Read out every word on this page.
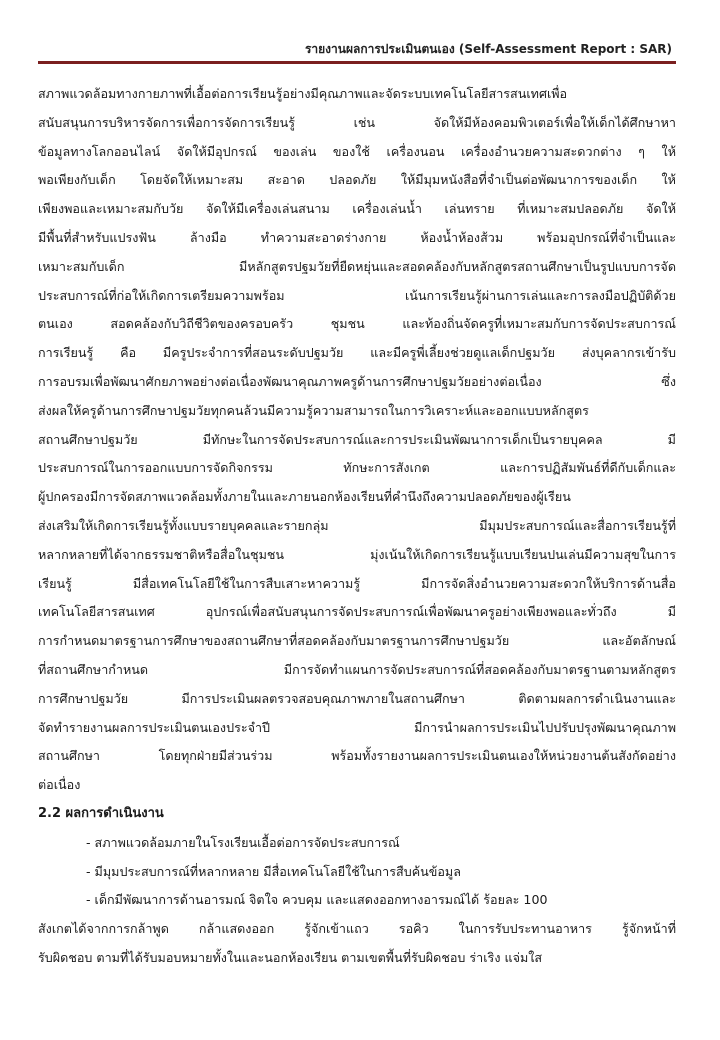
รายงานผลการประเมินตนเอง (Self-Assessment Report : SAR)
สภาพแวดล้อมทางกายภาพที่เอื้อต่อการเรียนรู้อย่างมีคุณภาพและจัดระบบเทคโนโลยีสารสนเทศเพื่อ
สนับสนุนการบริหารจัดการเพื่อการจัดการเรียนรู้ เช่น จัดให้มีห้องคอมพิวเตอร์เพื่อให้เด็กได้ศึกษาหา
ข้อมูลทางโลกออนไลน์ จัดให้มีอุปกรณ์ ของเล่น ของใช้ เครื่องนอน เครื่องอำนวยความสะดวกต่าง ๆ ให้
พอเพียงกับเด็ก โดยจัดให้เหมาะสม สะอาด ปลอดภัย ให้มีมุมหนังสือที่จำเป็นต่อพัฒนาการของเด็ก ให้
เพียงพอและเหมาะสมกับวัย จัดให้มีเครื่องเล่นสนาม เครื่องเล่นน้ำ เล่นทราย ที่เหมาะสมปลอดภัย จัดให้
มีพื้นที่สำหรับแปรงฟัน ล้างมือ ทำความสะอาดร่างกาย ห้องน้ำห้องส้วม พร้อมอุปกรณ์ที่จำเป็นและ
เหมาะสมกับเด็ก มีหลักสูตรปฐมวัยที่ยืดหยุ่นและสอดคล้องกับหลักสูตรสถานศึกษาเป็นรูปแบบการจัด
ประสบการณ์ที่ก่อให้เกิดการเตรียมความพร้อม เน้นการเรียนรู้ผ่านการเล่นและการลงมือปฏิบัติด้วย
ตนเอง สอดคล้องกับวิถีชีวิตของครอบครัว ชุมชน และท้องถิ่นจัดครูที่เหมาะสมกับการจัดประสบการณ์
การเรียนรู้ คือ มีครูประจำการที่สอนระดับปฐมวัย และมีครูพี่เลี้ยงช่วยดูแลเด็กปฐมวัย ส่งบุคลากรเข้ารับ
การอบรมเพื่อพัฒนาศักยภาพอย่างต่อเนื่องพัฒนาคุณภาพครูด้านการศึกษาปฐมวัยอย่างต่อเนื่อง ซึ่ง
ส่งผลให้ครูด้านการศึกษาปฐมวัยทุกคนล้วนมีความรู้ความสามารถในการวิเคราะห์และออกแบบหลักสูตร
สถานศึกษาปฐมวัย มีทักษะในการจัดประสบการณ์และการประเมินพัฒนาการเด็กเป็นรายบุคคล มี
ประสบการณ์ในการออกแบบการจัดกิจกรรม ทักษะการสังเกต และการปฏิสัมพันธ์ที่ดีกับเด็กและ
ผู้ปกครองมีการจัดสภาพแวดล้อมทั้งภายในและภายนอกห้องเรียนที่คำนึงถึงความปลอดภัยของผู้เรียน
ส่งเสริมให้เกิดการเรียนรู้ทั้งแบบรายบุคคลและรายกลุ่ม มีมุมประสบการณ์และสื่อการเรียนรู้ที่
หลากหลายที่ได้จากธรรมชาติหรือสื่อในชุมชน มุ่งเน้นให้เกิดการเรียนรู้แบบเรียนปนเล่นมีความสุขในการ
เรียนรู้ มีสื่อเทคโนโลยีใช้ในการสืบเสาะหาความรู้ มีการจัดสิ่งอำนวยความสะดวกให้บริการด้านสื่อ
เทคโนโลยีสารสนเทศ อุปกรณ์เพื่อสนับสนุนการจัดประสบการณ์เพื่อพัฒนาครูอย่างเพียงพอและทั่วถึง มี
การกำหนดมาตรฐานการศึกษาของสถานศึกษาที่สอดคล้องกับมาตรฐานการศึกษาปฐมวัย และอัตลักษณ์
ที่สถานศึกษากำหนด มีการจัดทำแผนการจัดประสบการณ์ที่สอดคล้องกับมาตรฐานตามหลักสูตร
การศึกษาปฐมวัย มีการประเมินผลตรวจสอบคุณภาพภายในสถานศึกษา ติดตามผลการดำเนินงานและ
จัดทำรายงานผลการประเมินตนเองประจำปี มีการนำผลการประเมินไปปรับปรุงพัฒนาคุณภาพ
สถานศึกษา โดยทุกฝ่ายมีส่วนร่วม พร้อมทั้งรายงานผลการประเมินตนเองให้หน่วยงานต้นสังกัดอย่าง
ต่อเนื่อง
2.2 ผลการดำเนินงาน
- สภาพแวดล้อมภายในโรงเรียนเอื้อต่อการจัดประสบการณ์
- มีมุมประสบการณ์ที่หลากหลาย มีสื่อเทคโนโลยีใช้ในการสืบค้นข้อมูล
- เด็กมีพัฒนาการด้านอารมณ์ จิตใจ ควบคุม และแสดงออกทางอารมณ์ได้ ร้อยละ 100
สังเกตได้จากการกล้าพูด กล้าแสดงออก รู้จักเข้าแถว รอคิว ในการรับประทานอาหาร รู้จักหน้าที่
รับผิดชอบ ตามที่ได้รับมอบหมายทั้งในและนอกห้องเรียน ตามเขตพื้นที่รับผิดชอบ ร่าเริง แจ่มใส
